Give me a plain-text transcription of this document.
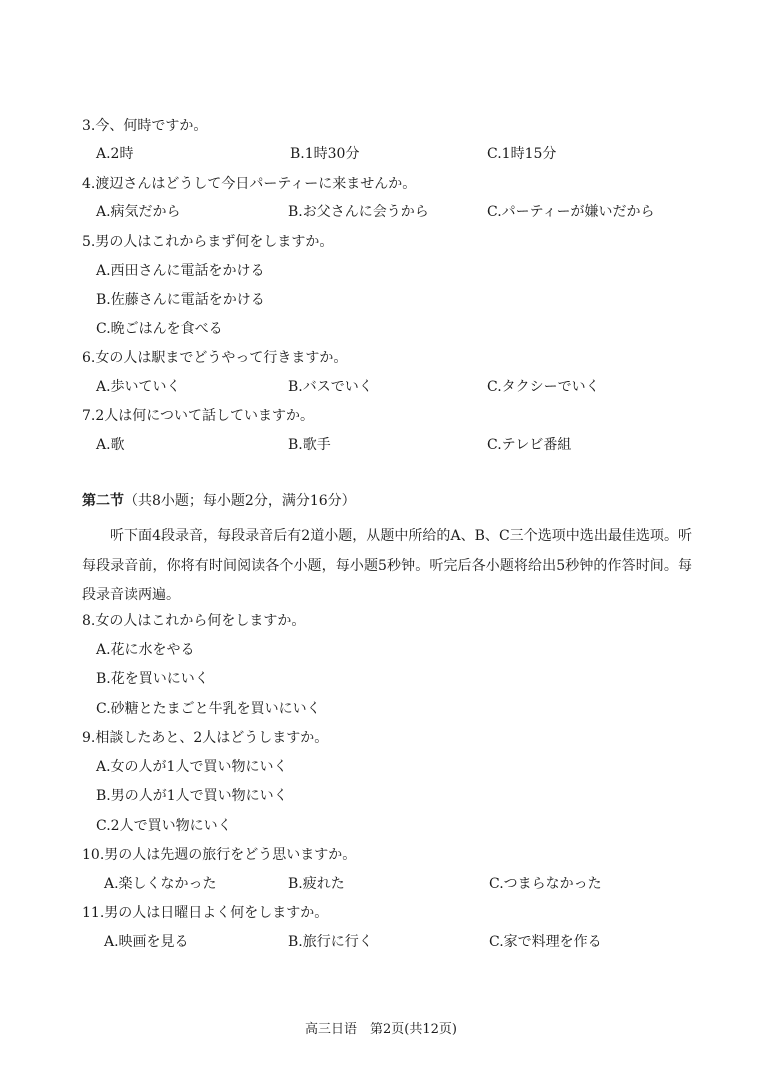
3.今、何時ですか。
A.2時	B.1時30分	C.1時15分
4.渡辺さんはどうして今日パーティーに来ませんか。
A.病気だから	B.お父さんに会うから	C.パーティーが嫌いだから
5.男の人はこれからまず何をしますか。
A.西田さんに電話をかける
B.佐藤さんに電話をかける
C.晩ごはんを食べる
6.女の人は駅までどうやって行きますか。
A.歩いていく	B.バスでいく	C.タクシーでいく
7.2人は何について話していますか。
A.歌	B.歌手	C.テレビ番組
第二节（共8小题；每小题2分，满分16分）
听下面4段录音，每段录音后有2道小题，从题中所给的A、B、C三个选项中选出最佳选项。听每段录音前，你将有时间阅读各个小题，每小题5秒钟。听完后各小题将给出5秒钟的作答时间。每段录音读两遍。
8.女の人はこれから何をしますか。
A.花に水をやる
B.花を買いにいく
C.砂糖とたまごと牛乳を買いにいく
9.相談したあと、2人はどうしますか。
A.女の人が1人で買い物にいく
B.男の人が1人で買い物にいく
C.2人で買い物にいく
10.男の人は先週の旅行をどう思いますか。
A.楽しくなかった	B.疲れた	C.つまらなかった
11.男の人は日曜日よく何をしますか。
A.映画を見る	B.旅行に行く	C.家で料理を作る
高三日语　第2页(共12页)
